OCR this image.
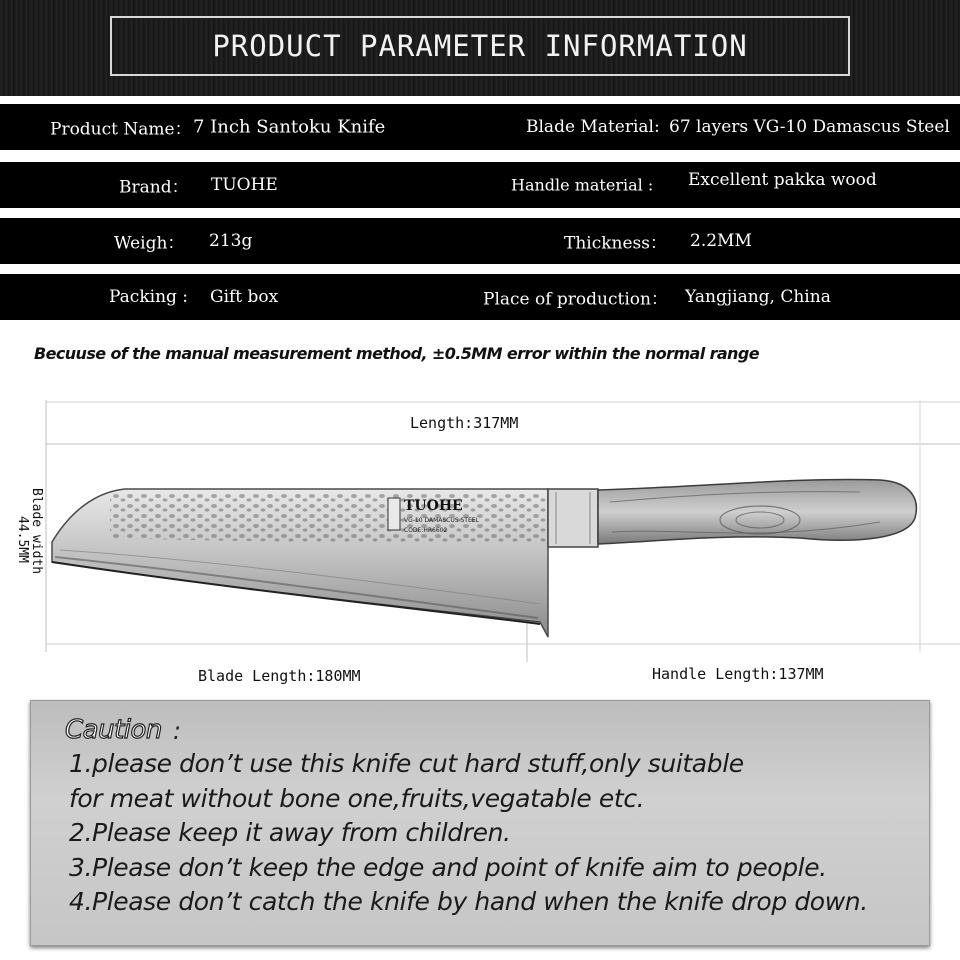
PRODUCT PARAMETER INFORMATION
Product Name： 7 Inch Santoku Knife	Blade Material: 67 layers VG-10 Damascus Steel
Brand： TUOHE	Handle material : Excellent pakka wood
Weigh： 213g	Thickness： 2.2MM
Packing : Gift box	Place of production： Yangjiang, China
Becuuse of the manual measurement method, ±0.5MM error within the normal range
TUOHE
VG-10 DAMASCUS STEEL
CODE:HR6602
Length:317MM
Blade Length:180MM	Handle Length:137MM
Blade width
44.5MM
Caution :
1.please don’t use this knife cut hard stuff,only suitable
for meat without bone one,fruits,vegatable etc.
2.Please keep it away from children.
3.Please don’t keep the edge and point of knife aim to people.
4.Please don’t catch the knife by hand when the knife drop down.
